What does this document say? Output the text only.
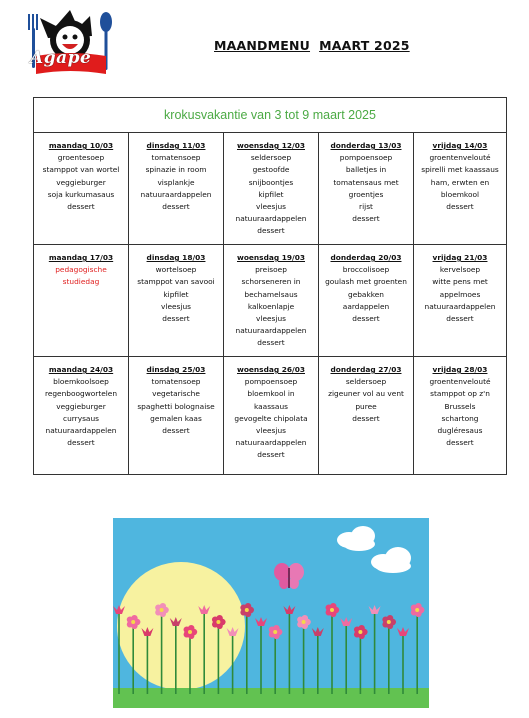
Agape
MAANDMENU MAART 2025
krokusvakantie van 3 tot 9 maart 2025
maandag 10/03
groentesoep
stamppot van wortel
veggieburger
soja kurkumasaus
dessert
dinsdag 11/03
tomatensoep
spinazie in room
visplankje
natuuraardappelen
dessert
woensdag 12/03
seldersoep
gestoofde
snijboontjes
kipfilet
vleesjus
natuuraardappelen
dessert
donderdag 13/03
pompoensoep
balletjes in
tomatensaus met
groentjes
rijst
dessert
vrijdag 14/03
groentenvelouté
spirelli met kaassaus
ham, erwten en
bloemkool
dessert
maandag 17/03
pedagogische
studiedag
dinsdag 18/03
wortelsoep
stamppot van savooi
kipfilet
vleesjus
dessert
woensdag 19/03
preisoep
schorseneren in
bechamelsaus
kalkoenlapje
vleesjus
natuuraardappelen
dessert
donderdag 20/03
broccolisoep
goulash met groenten
gebakken
aardappelen
dessert
vrijdag 21/03
kervelsoep
witte pens met
appelmoes
natuuraardappelen
dessert
maandag 24/03
bloemkoolsoep
regenboogwortelen
veggieburger
currysaus
natuuraardappelen
dessert
dinsdag 25/03
tomatensoep
vegetarische
spaghetti bolognaise
gemalen kaas
dessert
woensdag 26/03
pompoensoep
bloemkool in
kaassaus
gevogelte chipolata
vleesjus
natuuraardappelen
dessert
donderdag 27/03
seldersoep
zigeuner vol au vent
puree
dessert
vrijdag 28/03
groentenvelouté
stamppot op z'n
Brussels
schartong
dugléresaus
dessert
